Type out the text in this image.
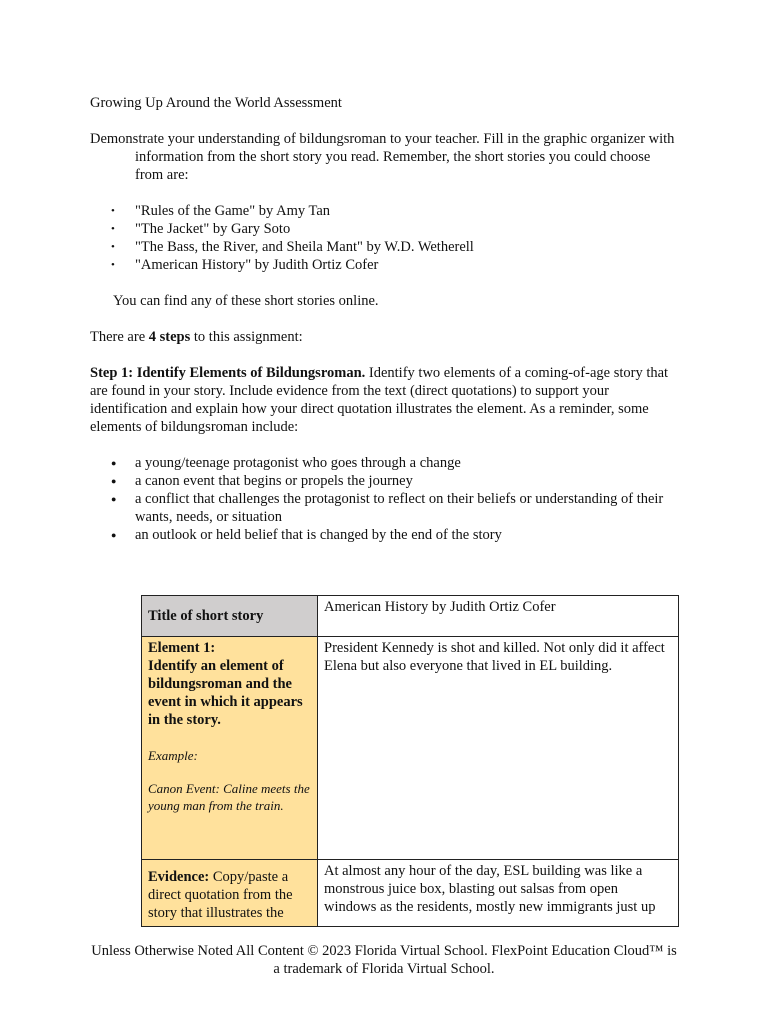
Growing Up Around the World Assessment

Demonstrate your understanding of bildungsroman to your teacher. Fill in the graphic organizer with information from the short story you read. Remember, the short stories you could choose from are:

• "Rules of the Game" by Amy Tan
• "The Jacket" by Gary Soto
• "The Bass, the River, and Sheila Mant" by W.D. Wetherell
• "American History" by Judith Ortiz Cofer

You can find any of these short stories online.

There are 4 steps to this assignment:

Step 1: Identify Elements of Bildungsroman. Identify two elements of a coming-of-age story that are found in your story. Include evidence from the text (direct quotations) to support your identification and explain how your direct quotation illustrates the element. As a reminder, some elements of bildungsroman include:

● a young/teenage protagonist who goes through a change
● a canon event that begins or propels the journey
● a conflict that challenges the protagonist to reflect on their beliefs or understanding of their wants, needs, or situation
● an outlook or held belief that is changed by the end of the story
Title of short story	American History by Judith Ortiz Cofer

Element 1:
Identify an element of bildungsroman and the event in which it appears in the story.
Example:
Canon Event: Caline meets the young man from the train.	President Kennedy is shot and killed. Not only did it affect Elena but also everyone that lived in EL building.

Evidence: Copy/paste a direct quotation from the story that illustrates the	At almost any hour of the day, ESL building was like a monstrous juice box, blasting out salsas from open windows as the residents, mostly new immigrants just up

Unless Otherwise Noted All Content © 2023 Florida Virtual School. FlexPoint Education Cloud™ is a trademark of Florida Virtual School.
